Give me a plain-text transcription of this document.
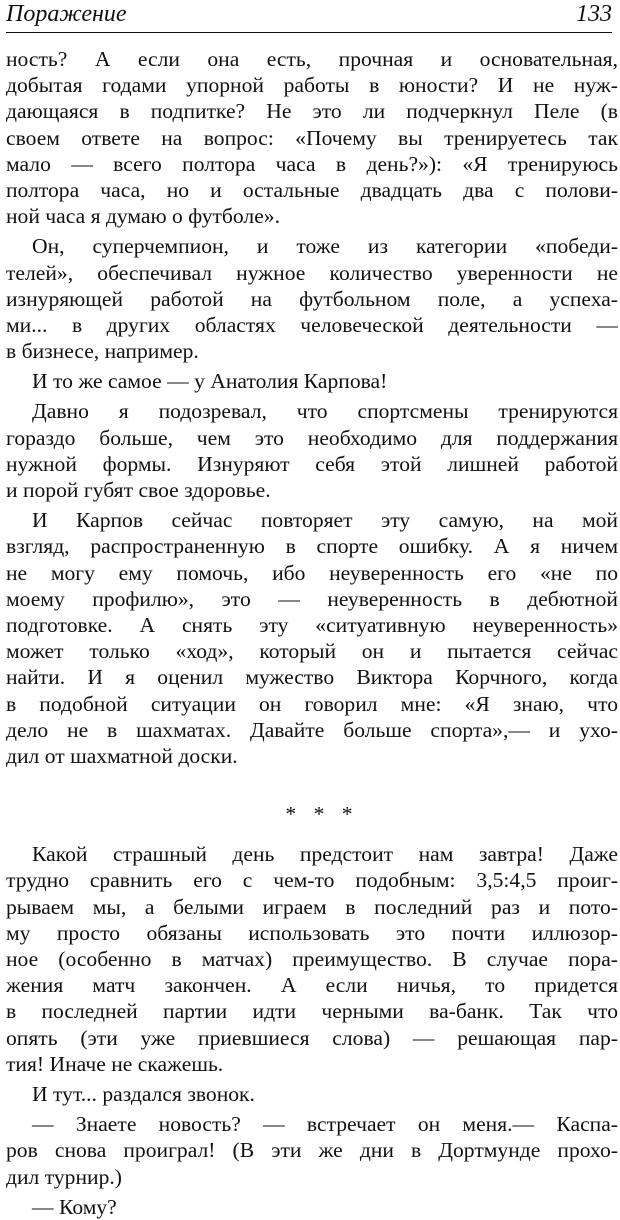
Поражение	133
ность? А если она есть, прочная и основательная,
добытая годами упорной работы в юности? И не нуж-
дающаяся в подпитке? Не это ли подчеркнул Пеле (в
своем ответе на вопрос: «Почему вы тренируетесь так
мало — всего полтора часа в день?»): «Я тренируюсь
полтора часа, но и остальные двадцать два с полови-
ной часа я думаю о футболе».
Он, суперчемпион, и тоже из категории «победи-
телей», обеспечивал нужное количество уверенности не
изнуряющей работой на футбольном поле, а успеха-
ми... в других областях человеческой деятельности —
в бизнесе, например.
И то же самое — у Анатолия Карпова!
Давно я подозревал, что спортсмены тренируются
гораздо больше, чем это необходимо для поддержания
нужной формы. Изнуряют себя этой лишней работой
и порой губят свое здоровье.
И Карпов сейчас повторяет эту самую, на мой
взгляд, распространенную в спорте ошибку. А я ничем
не могу ему помочь, ибо неуверенность его «не по
моему профилю», это — неуверенность в дебютной
подготовке. А снять эту «ситуативную неуверенность»
может только «ход», который он и пытается сейчас
найти. И я оценил мужество Виктора Корчного, когда
в подобной ситуации он говорил мне: «Я знаю, что
дело не в шахматах. Давайте больше спорта»,— и ухо-
дил от шахматной доски.
* * *
Какой страшный день предстоит нам завтра! Даже
трудно сравнить его с чем-то подобным: 3,5:4,5 проиг-
рываем мы, а белыми играем в последний раз и пото-
му просто обязаны использовать это почти иллюзор-
ное (особенно в матчах) преимущество. В случае пора-
жения матч закончен. А если ничья, то придется
в последней партии идти черными ва-банк. Так что
опять (эти уже приевшиеся слова) — решающая пар-
тия! Иначе не скажешь.
И тут... раздался звонок.
— Знаете новость? — встречает он меня.— Каспа-
ров снова проиграл! (В эти же дни в Дортмунде прохо-
дил турнир.)
— Кому?
